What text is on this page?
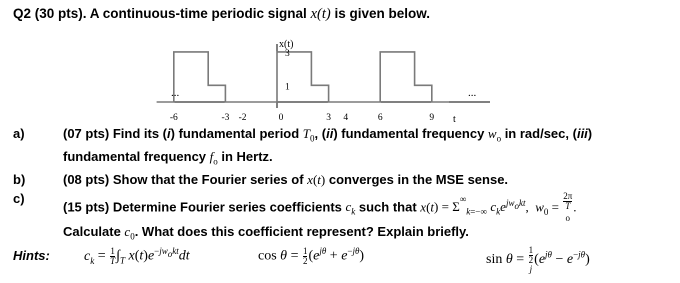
Q2 (30 pts). A continuous-time periodic signal x(t) is given below.
x(t)
t
...	...
3
1
-6	-3 -2	0	3 4	6	9
a)	(07 pts) Find its (i) fundamental period $T_0$, (ii) fundamental frequency $w_o$ in rad/sec, (iii)
fundamental frequency $f_o$ in Hertz.
b)	(08 pts) Show that the Fourier series of x(t) converges in the MSE sense.
c)
(15 pts) Determine Fourier series coefficients $c_k$ such that $x(t) = \Sigma^{^\infty}_{k=-\infty}$ $c_ke^{jw_okt}$,  $w_0 = 2\pi$
T
$_o$ .
Calculate $c_0$. What does this coefficient represent? Explain briefly.
Hints: $c_k = \frac{1}{T} \int_T$ $x(t)e^{-jw_okt}dt$	$\cos \theta = \frac{1}{2} (e^{j\theta} + e^{-j\theta})$	sin θ = 1
2
j $(e^{j\theta} - e^{-j\theta})$
